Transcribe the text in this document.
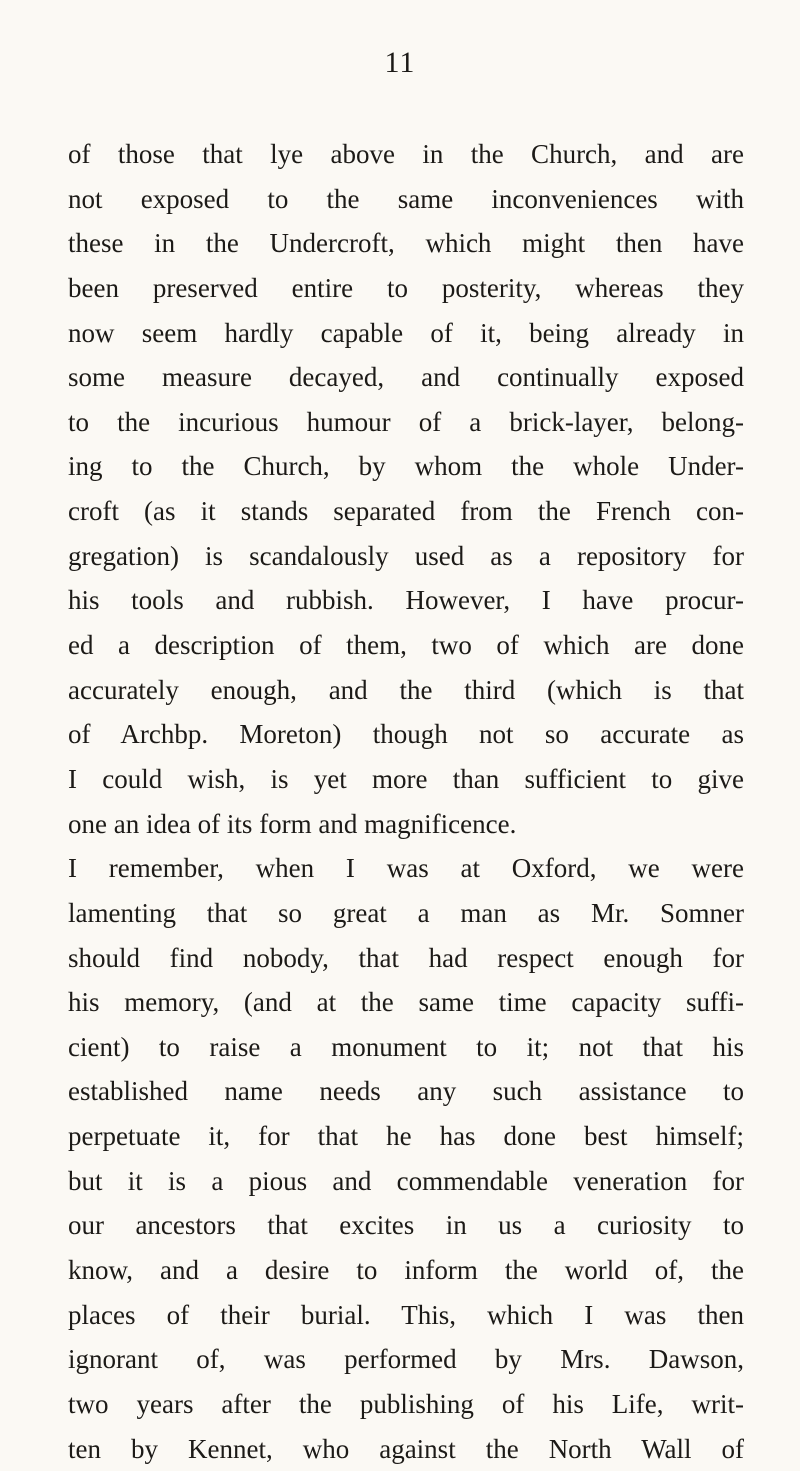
11
of those that lye above in the Church, and are
not exposed to the same inconveniences with
these in the Undercroft, which might then have
been preserved entire to posterity, whereas they
now seem hardly capable of it, being already in
some measure decayed, and continually exposed
to the incurious humour of a brick-layer, belong-
ing to the Church, by whom the whole Under-
croft (as it stands separated from the French con-
gregation) is scandalously used as a repository for
his tools and rubbish. However, I have procur-
ed a description of them, two of which are done
accurately enough, and the third (which is that
of Archbp. Moreton) though not so accurate as
I could wish, is yet more than sufficient to give
one an idea of its form and magnificence.
I remember, when I was at Oxford, we were
lamenting that so great a man as Mr. Somner
should find nobody, that had respect enough for
his memory, (and at the same time capacity suffi-
cient) to raise a monument to it; not that his
established name needs any such assistance to
perpetuate it, for that he has done best himself;
but it is a pious and commendable veneration for
our ancestors that excites in us a curiosity to
know, and a desire to inform the world of, the
places of their burial. This, which I was then
ignorant of, was performed by Mrs. Dawson,
two years after the publishing of his Life, writ-
ten by Kennet, who against the North Wall of
